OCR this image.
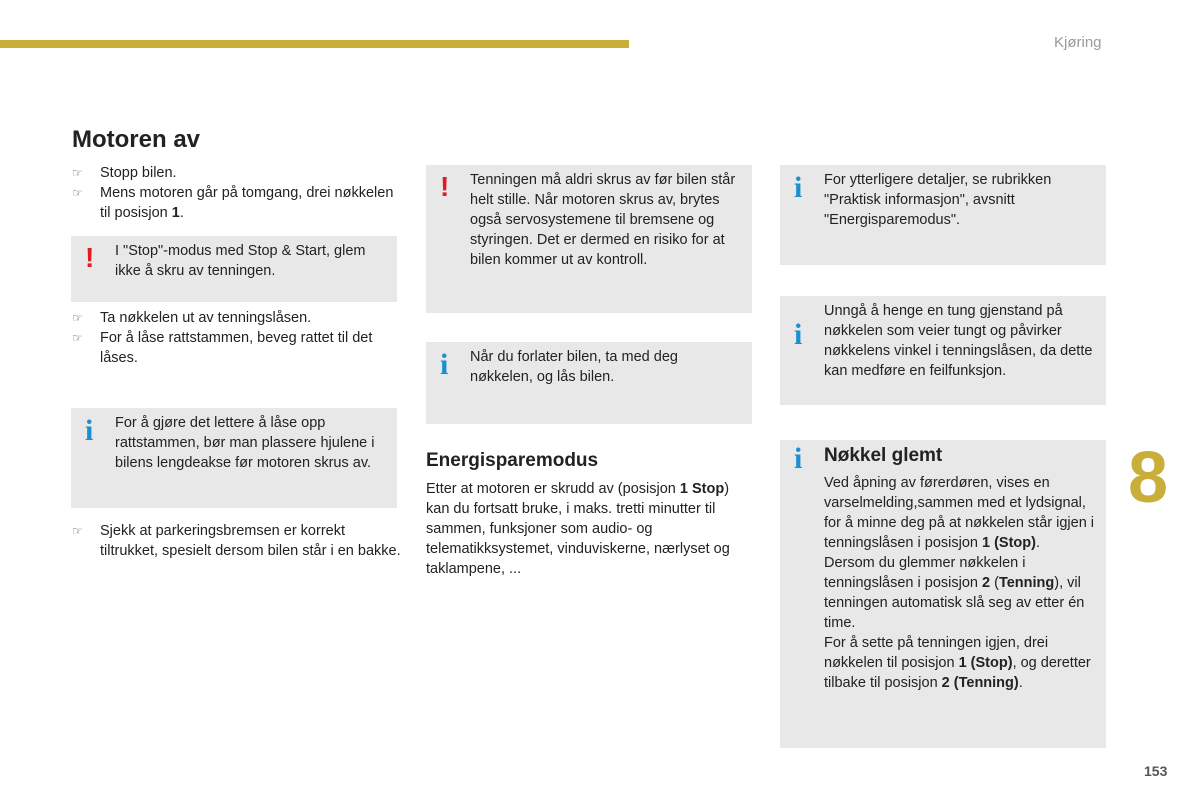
Kjøring
Motoren av
☞ Stopp bilen.
☞ Mens motoren går på tomgang, drei nøkkelen til posisjon 1.
! I "Stop"-modus med Stop & Start, glem ikke å skru av tenningen.
☞ Ta nøkkelen ut av tenningslåsen.
☞ For å låse rattstammen, beveg rattet til det låses.
i For å gjøre det lettere å låse opp rattstammen, bør man plassere hjulene i bilens lengdeakse før motoren skrus av.
☞ Sjekk at parkeringsbremsen er korrekt tiltrukket, spesielt dersom bilen står i en bakke.
! Tenningen må aldri skrus av før bilen står helt stille. Når motoren skrus av, brytes også servosystemene til bremsene og styringen. Det er dermed en risiko for at bilen kommer ut av kontroll.
i Når du forlater bilen, ta med deg nøkkelen, og lås bilen.
Energisparemodus
Etter at motoren er skrudd av (posisjon 1 Stop) kan du fortsatt bruke, i maks. tretti minutter til sammen, funksjoner som audio- og telematikksystemet, vinduviskerne, nærlyset og taklampene, ...
i For ytterligere detaljer, se rubrikken "Praktisk informasjon", avsnitt "Energisparemodus".
i
Unngå å henge en tung gjenstand på nøkkelen som veier tungt og påvirker nøkkelens vinkel i tenningslåsen, da dette kan medføre en feilfunksjon.
i Nøkkel glemt
Ved åpning av førerdøren, vises en varselmelding,sammen med et lydsignal, for å minne deg på at nøkkelen står igjen i tenningslåsen i posisjon 1 (Stop).
Dersom du glemmer nøkkelen i tenningslåsen i posisjon 2 (Tenning), vil tenningen automatisk slå seg av etter én time.
For å sette på tenningen igjen, drei nøkkelen til posisjon 1 (Stop), og deretter tilbake til posisjon 2 (Tenning).
8
153
